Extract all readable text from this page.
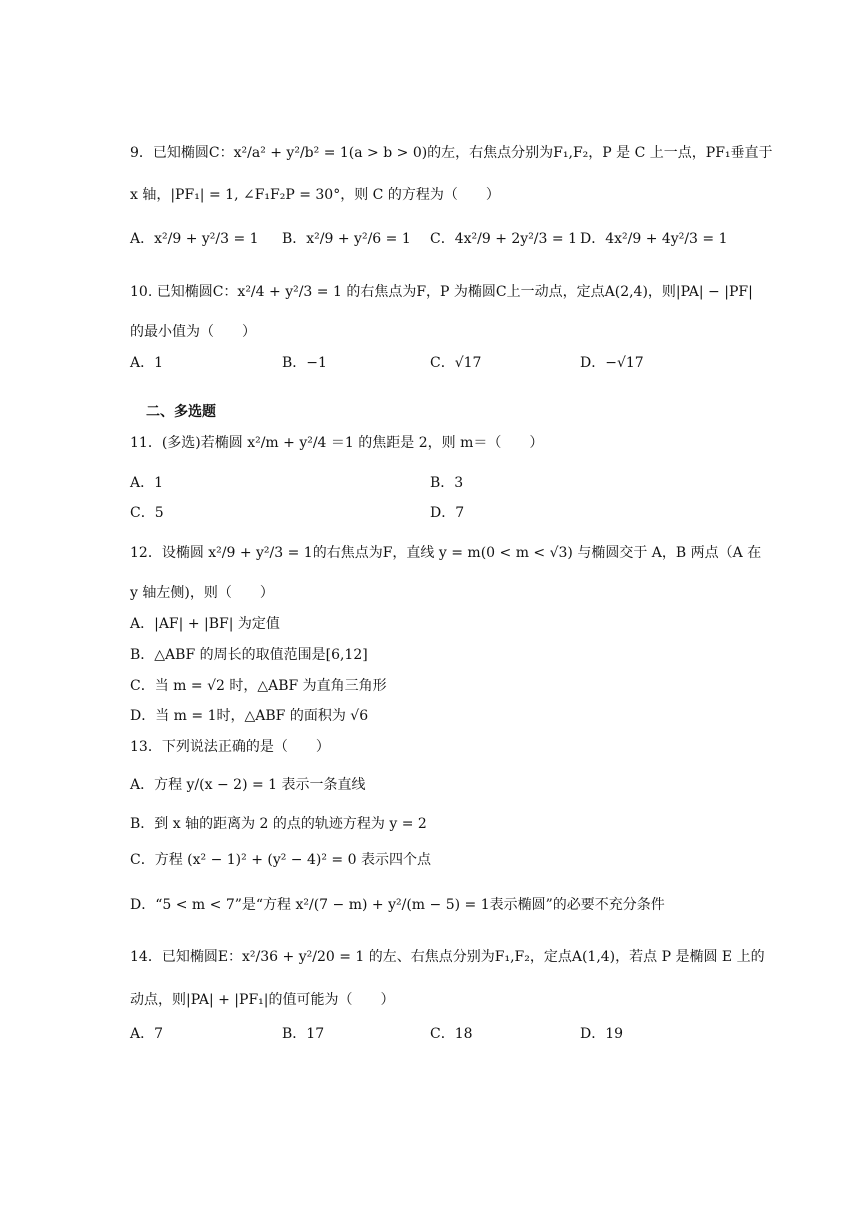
9．已知椭圆C：x²/a² + y²/b² = 1(a > b > 0)的左，右焦点分别为F₁,F₂，P 是 C 上一点，PF₁垂直于
x 轴，|PF₁| = 1, ∠F₁F₂P = 30°，则 C 的方程为（　　）
A．x²/9 + y²/3 = 1 B．x²/9 + y²/6 = 1 C．4x²/9 + 2y²/3 = 1 D．4x²/9 + 4y²/3 = 1
10. 已知椭圆C：x²/4 + y²/3 = 1 的右焦点为F，P 为椭圆C上一动点，定点A(2,4)，则|PA| − |PF|
的最小值为（　　）
A．1	B．−1	C．√17	D．−√17
二、多选题
11．(多选)若椭圆 x²/m + y²/4 ＝1 的焦距是 2，则 m＝（　　）
A．1	B．3
C．5	D．7
12．设椭圆 x²/9 + y²/3 = 1的右焦点为F，直线 y = m(0 < m < √3) 与椭圆交于 A，B 两点（A 在
y 轴左侧)，则（　　）
A．|AF| + |BF| 为定值
B．△ABF 的周长的取值范围是[6,12]
C．当 m = √2 时，△ABF 为直角三角形
D．当 m = 1时，△ABF 的面积为 √6
13．下列说法正确的是（　　）
A．方程 y/(x − 2) = 1 表示一条直线
B．到 x 轴的距离为 2 的点的轨迹方程为 y = 2
C．方程 (x² − 1)² + (y² − 4)² = 0 表示四个点
D．“5 < m < 7”是“方程 x²/(7 − m) + y²/(m − 5) = 1表示椭圆”的必要不充分条件
14．已知椭圆E：x²/36 + y²/20 = 1 的左、右焦点分别为F₁,F₂，定点A(1,4)，若点 P 是椭圆 E 上的
动点，则|PA| + |PF₁|的值可能为（　　）
A．7	B．17	C．18	D．19
